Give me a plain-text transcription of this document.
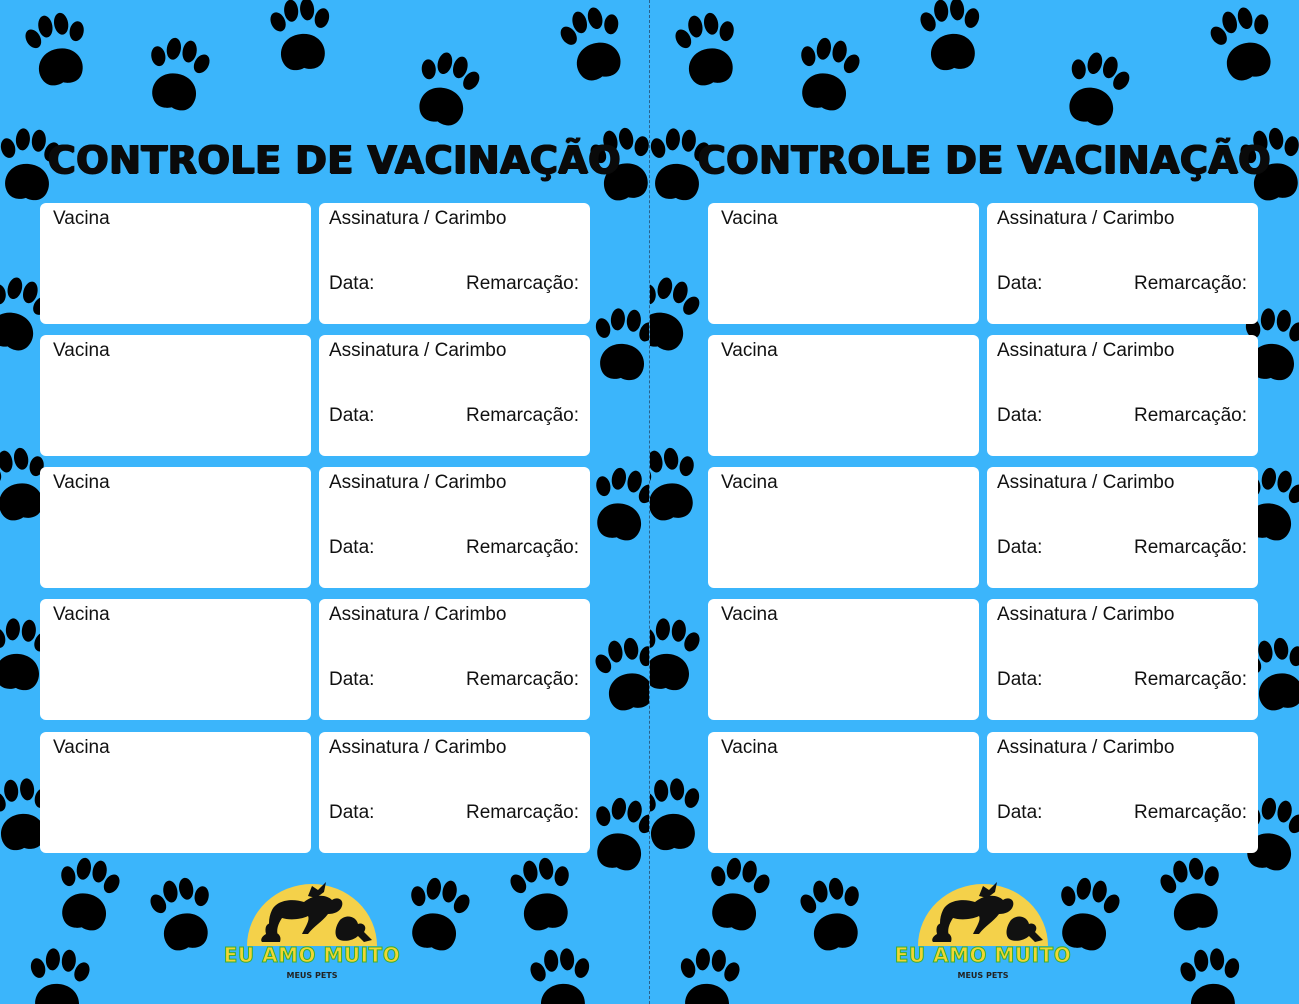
CONTROLE DE VACINAÇÃO
Vacina	Assinatura / Carimbo
Data:	Remarcação:
Vacina	Assinatura / Carimbo
Data:	Remarcação:
Vacina	Assinatura / Carimbo
Data:	Remarcação:
Vacina	Assinatura / Carimbo
Data:	Remarcação:
Vacina	Assinatura / Carimbo
Data:	Remarcação:
EU AMO MUITO
MEUS PETS
CONTROLE DE VACINAÇÃO
Vacina	Assinatura / Carimbo
Data:	Remarcação:
Vacina	Assinatura / Carimbo
Data:	Remarcação:
Vacina	Assinatura / Carimbo
Data:	Remarcação:
Vacina	Assinatura / Carimbo
Data:	Remarcação:
Vacina	Assinatura / Carimbo
Data:	Remarcação:
EU AMO MUITO
MEUS PETS
